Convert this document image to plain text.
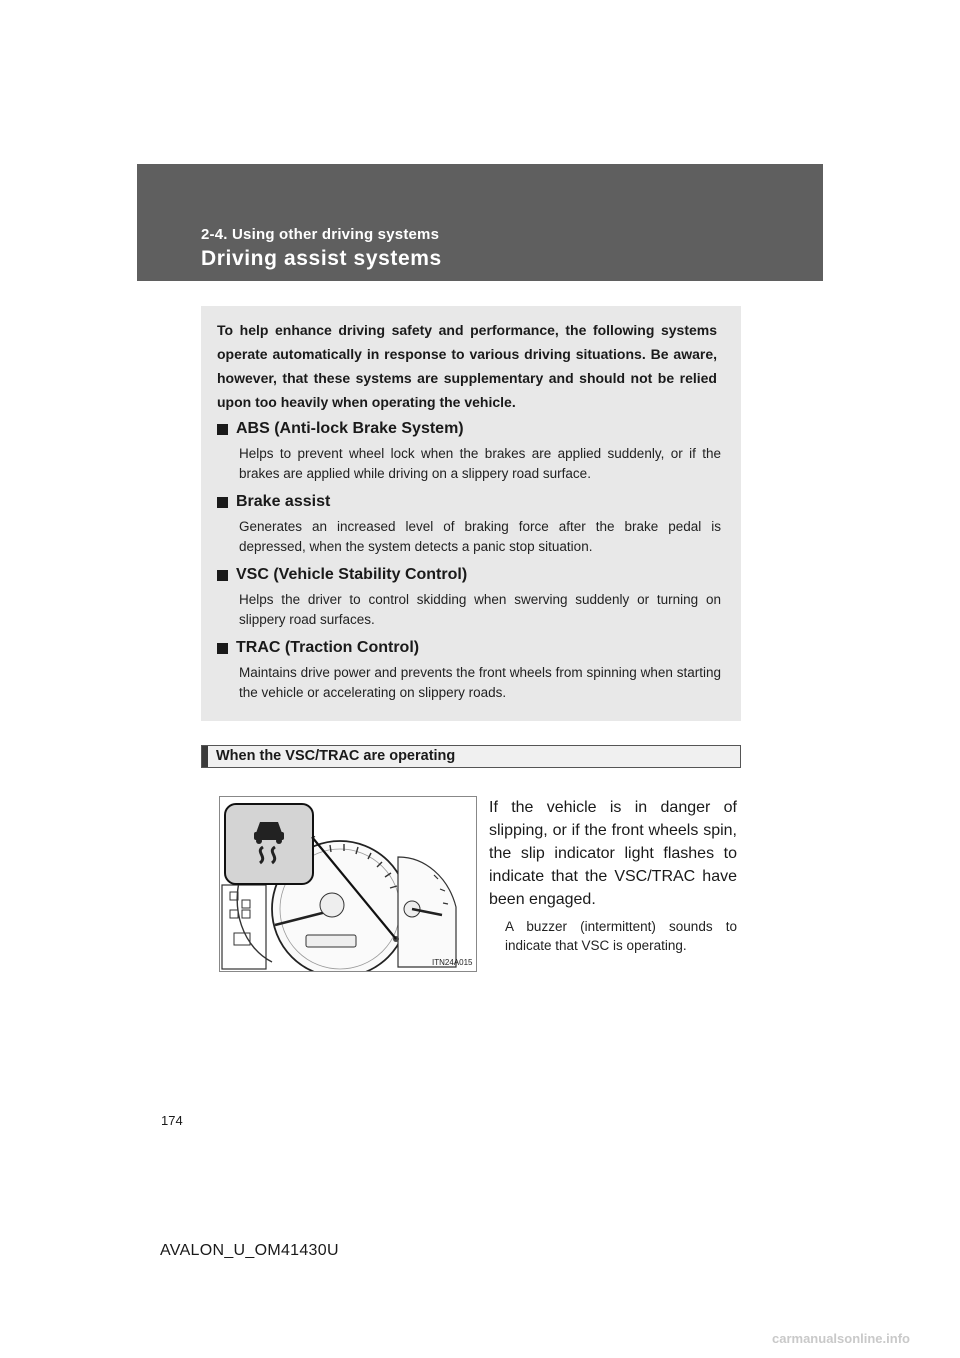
2-4. Using other driving systems
Driving assist systems
To help enhance driving safety and performance, the following systems operate automatically in response to various driving situations. Be aware, however, that these systems are supplementary and should not be relied upon too heavily when operating the vehicle.
ABS (Anti-lock Brake System)
Helps to prevent wheel lock when the brakes are applied suddenly, or if the brakes are applied while driving on a slippery road surface.
Brake assist
Generates an increased level of braking force after the brake pedal is depressed, when the system detects a panic stop situation.
VSC (Vehicle Stability Control)
Helps the driver to control skidding when swerving suddenly or turning on slippery road surfaces.
TRAC (Traction Control)
Maintains drive power and prevents the front wheels from spinning when starting the vehicle or accelerating on slippery roads.
When the VSC/TRAC are operating
ITN24A015
If the vehicle is in danger of slipping, or if the front wheels spin, the slip indicator light flashes to indicate that the VSC/TRAC have been engaged.
A buzzer (intermittent) sounds to indicate that VSC is operating.
174
AVALON_U_OM41430U
carmanualsonline.info
